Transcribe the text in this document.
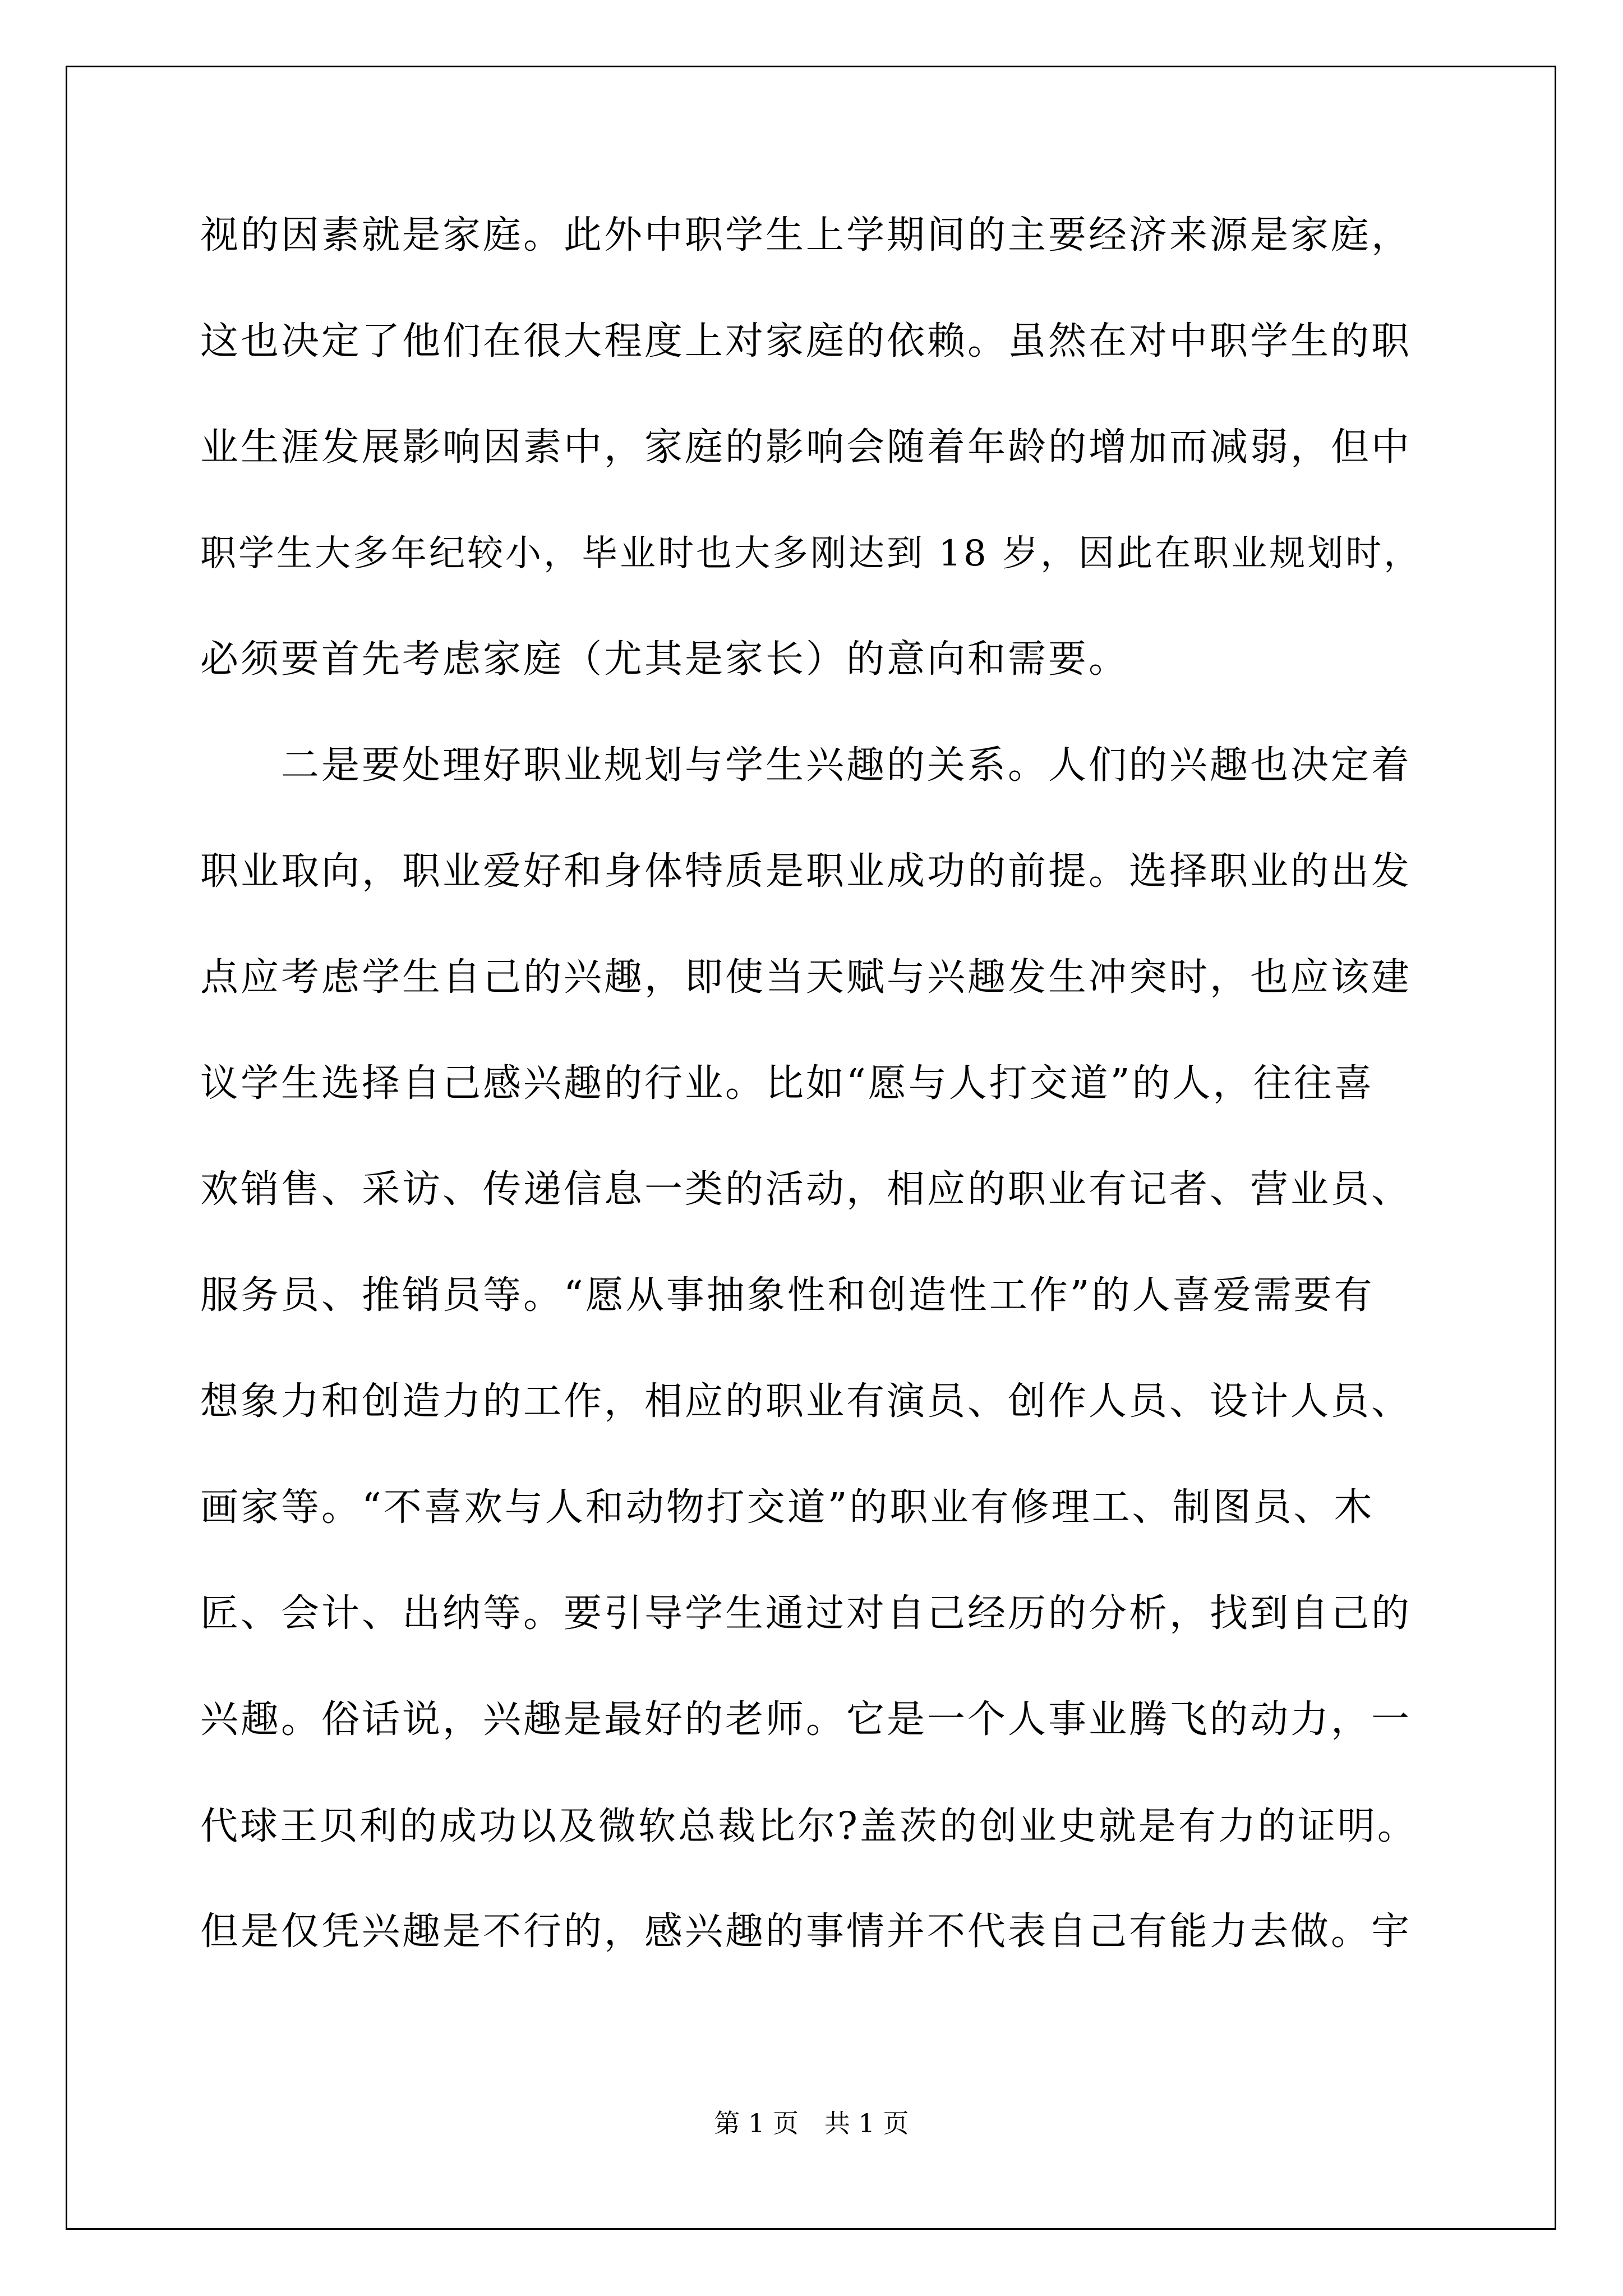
视的因素就是家庭。此外中职学生上学期间的主要经济来源是家庭，
这也决定了他们在很大程度上对家庭的依赖。虽然在对中职学生的职
业生涯发展影响因素中，家庭的影响会随着年龄的增加而减弱，但中
职学生大多年纪较小，毕业时也大多刚达到 18 岁，因此在职业规划时，
必须要首先考虑家庭（尤其是家长）的意向和需要。
　　二是要处理好职业规划与学生兴趣的关系。人们的兴趣也决定着
职业取向，职业爱好和身体特质是职业成功的前提。选择职业的出发
点应考虑学生自己的兴趣，即使当天赋与兴趣发生冲突时，也应该建
议学生选择自己感兴趣的行业。比如“愿与人打交道”的人，往往喜
欢销售、采访、传递信息一类的活动，相应的职业有记者、营业员、
服务员、推销员等。“愿从事抽象性和创造性工作”的人喜爱需要有
想象力和创造力的工作，相应的职业有演员、创作人员、设计人员、
画家等。“不喜欢与人和动物打交道”的职业有修理工、制图员、木
匠、会计、出纳等。要引导学生通过对自己经历的分析，找到自己的
兴趣。俗话说，兴趣是最好的老师。它是一个人事业腾飞的动力，一
代球王贝利的成功以及微软总裁比尔?盖茨的创业史就是有力的证明。
但是仅凭兴趣是不行的，感兴趣的事情并不代表自己有能力去做。宇
第 1 页　共 1 页
